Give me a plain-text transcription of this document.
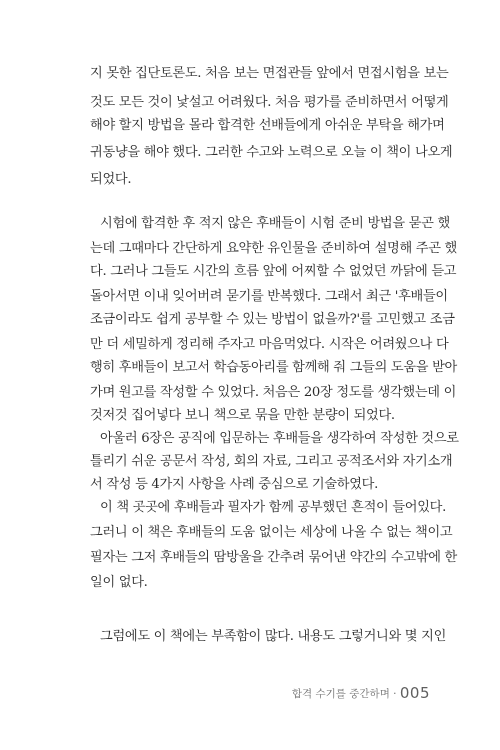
지 못한 집단토론도. 처음 보는 면접관들 앞에서 면접시험을 보는
것도 모든 것이 낯설고 어려웠다. 처음 평가를 준비하면서 어떻게
해야 할지 방법을 몰라 합격한 선배들에게 아쉬운 부탁을 해가며
귀동냥을 해야 했다. 그러한 수고와 노력으로 오늘 이 책이 나오게
되었다.
시험에 합격한 후 적지 않은 후배들이 시험 준비 방법을 묻곤 했
는데 그때마다 간단하게 요약한 유인물을 준비하여 설명해 주곤 했
다. 그러나 그들도 시간의 흐름 앞에 어찌할 수 없었던 까닭에 듣고
돌아서면 이내 잊어버려 묻기를 반복했다. 그래서 최근 '후배들이
조금이라도 쉽게 공부할 수 있는 방법이 없을까?'를 고민했고 조금
만 더 세밀하게 정리해 주자고 마음먹었다. 시작은 어려웠으나 다
행히 후배들이 보고서 학습동아리를 함께해 줘 그들의 도움을 받아
가며 원고를 작성할 수 있었다. 처음은 20장 정도를 생각했는데 이
것저것 집어넣다 보니 책으로 묶을 만한 분량이 되었다.
아울러 6장은 공직에 입문하는 후배들을 생각하여 작성한 것으로
틀리기 쉬운 공문서 작성, 회의 자료, 그리고 공적조서와 자기소개
서 작성 등 4가지 사항을 사례 중심으로 기술하였다.
이 책 곳곳에 후배들과 필자가 함께 공부했던 흔적이 들어있다.
그러니 이 책은 후배들의 도움 없이는 세상에 나올 수 없는 책이고
필자는 그저 후배들의 땀방울을 간추려 묶어낸 약간의 수고밖에 한
일이 없다.
그럼에도 이 책에는 부족함이 많다. 내용도 그렇거니와 몇 지인
합격 수기를 중간하며 · 005
